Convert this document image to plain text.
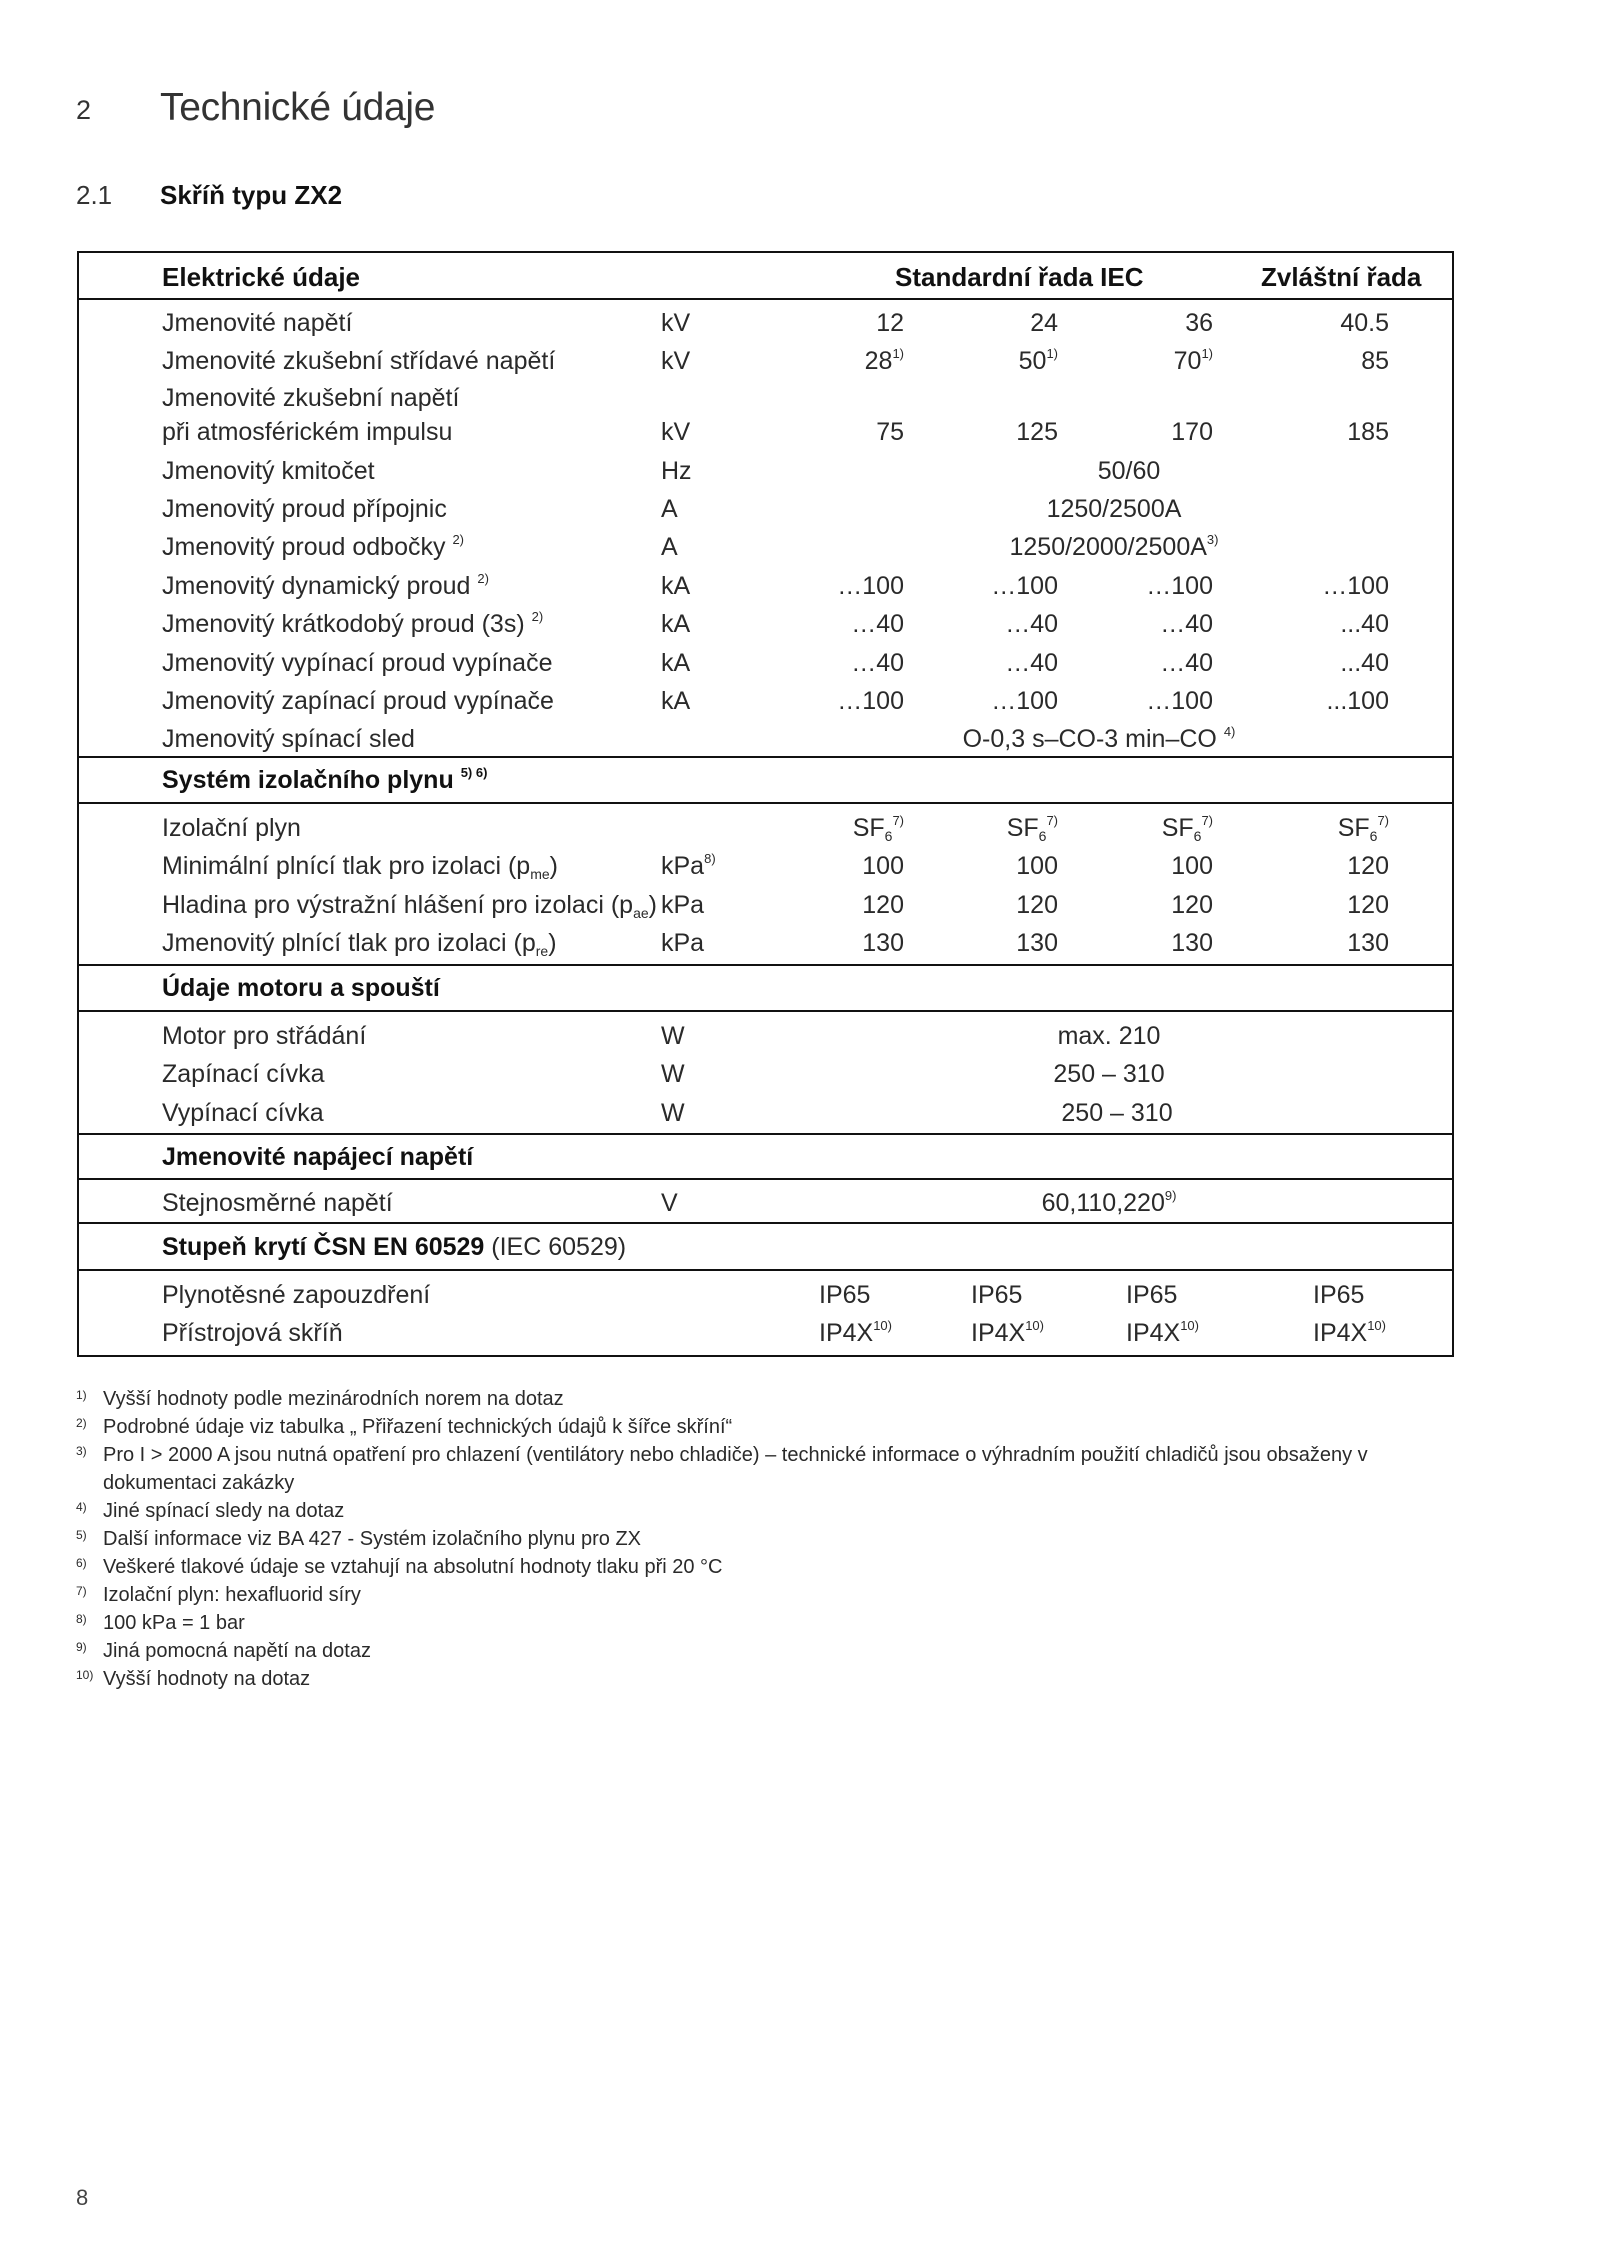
2 Technické údaje
2.1 Skříň typu ZX2
Elektrické údaje	Standardní řada IEC	Zvláštní řada
Jmenovité napětí	kV	12	24	36	40.5
Jmenovité zkušební střídavé napětí	kV	28$^{1)}$	50$^{1)}$	70$^{1)}$	85
Jmenovité zkušební napětí
při atmosférickém impulsu	kV	75	125	170	185
Jmenovitý kmitočet	Hz	50/60
Jmenovitý proud přípojnic	A	1250/2500A
Jmenovitý proud odbočky $^{2)}$	A	$1250/2000/2500A^{3)}$
Jmenovitý dynamický proud $^{2)}$	kA	…100	…100	…100	…100
Jmenovitý krátkodobý proud (3s) $^{2)}$	kA	…40	…40	…40	...40
Jmenovitý vypínací proud vypínače	kA	…40	…40	…40	...40
Jmenovitý zapínací proud vypínače	kA	…100	…100	…100	...100
Jmenovitý spínací sled	O-0,3 s–CO-3 min–CO $^{4)}$
Systém izolačního plynu $^{5) 6)}$
Izolační plyn	$SF_6^{7)}$	$SF_6^{7)}$	$SF_6^{7)}$	$SF_6^{7)}$
Minimální plnící tlak pro izolaci $(p_{me})$	kPa$^{8)}$	100	100	100	120
Hladina pro výstražní hlášení pro izolaci $(p_{ae})$ kPa	120	120	120	120
Jmenovitý plnící tlak pro izolaci $(p_{re})$	kPa	130	130	130	130
Údaje motoru a spouští
Motor pro střádání	W	max. 210
Zapínací cívka	W	250 – 310
Vypínací cívka	W	250 – 310
Jmenovité napájecí napětí
Stejnosměrné napětí	V	60,110,220$^{9)}$
Stupeň krytí ČSN EN 60529 (IEC 60529)
Plynotěsné zapouzdření	IP65	IP65	IP65	IP65
Přístrojová skříň	$IP4X^{10)}$	$IP4X^{10)}$	$IP4X^{10)}$	$IP4X^{10)}$
1) Vyšší hodnoty podle mezinárodních norem na dotaz
2) Podrobné údaje viz tabulka „ Přiřazení technických údajů k šířce skříní“
3) Pro I > 2000 A jsou nutná opatření pro chlazení (ventilátory nebo chladiče) – technické informace o výhradním použití chladičů jsou obsaženy v dokumentaci zakázky
4) Jiné spínací sledy na dotaz
5) Další informace viz BA 427 - Systém izolačního plynu pro ZX
6) Veškeré tlakové údaje se vztahují na absolutní hodnoty tlaku při 20 °C
7) Izolační plyn: hexafluorid síry
8) 100 kPa = 1 bar
9) Jiná pomocná napětí na dotaz
10) Vyšší hodnoty na dotaz
8
